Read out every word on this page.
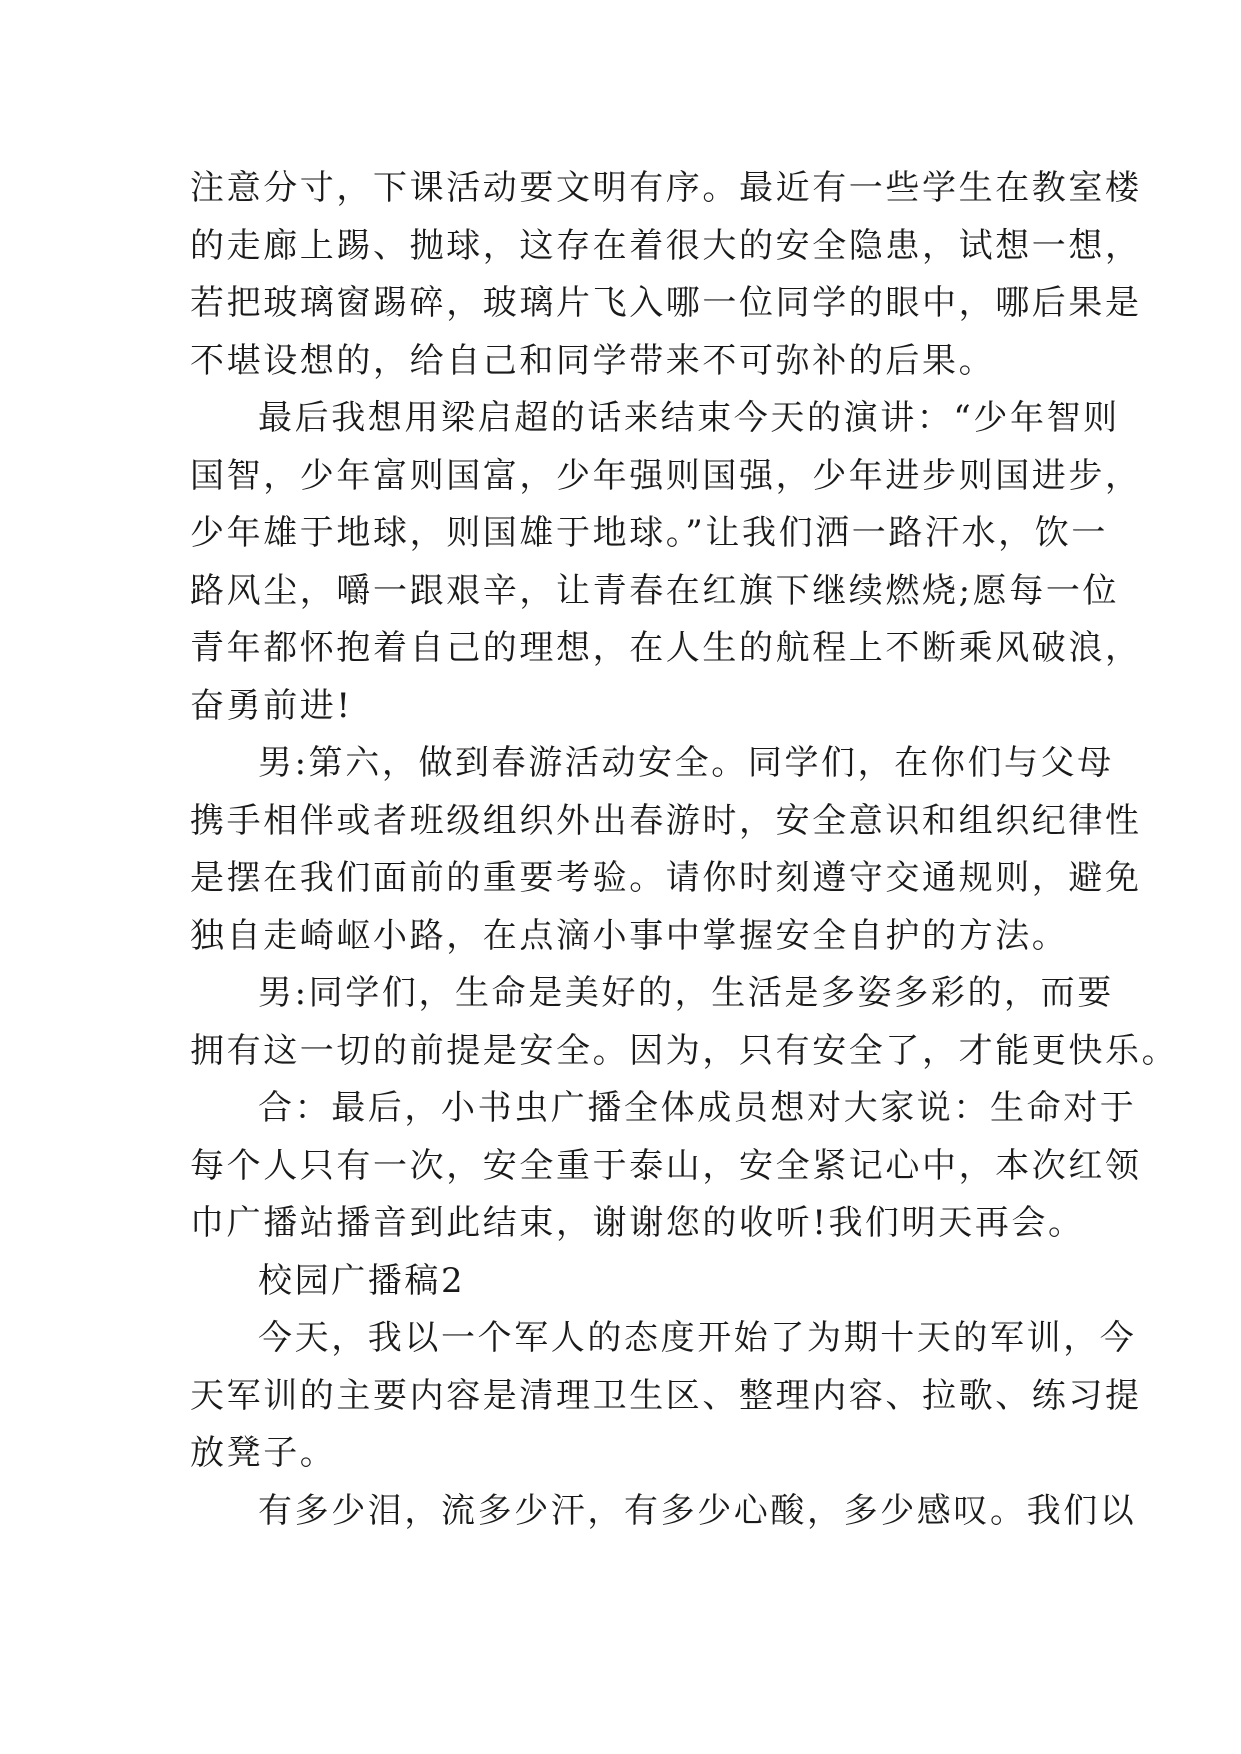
注意分寸，下课活动要文明有序。最近有一些学生在教室楼
的走廊上踢、抛球，这存在着很大的安全隐患，试想一想，
若把玻璃窗踢碎，玻璃片飞入哪一位同学的眼中，哪后果是
不堪设想的，给自己和同学带来不可弥补的后果。
最后我想用梁启超的话来结束今天的演讲：“少年智则
国智，少年富则国富，少年强则国强，少年进步则国进步，
少年雄于地球，则国雄于地球。”让我们洒一路汗水，饮一
路风尘，嚼一跟艰辛，让青春在红旗下继续燃烧;愿每一位
青年都怀抱着自己的理想，在人生的航程上不断乘风破浪，
奋勇前进!
男:第六，做到春游活动安全。同学们，在你们与父母
携手相伴或者班级组织外出春游时，安全意识和组织纪律性
是摆在我们面前的重要考验。请你时刻遵守交通规则，避免
独自走崎岖小路，在点滴小事中掌握安全自护的方法。
男:同学们，生命是美好的，生活是多姿多彩的，而要
拥有这一切的前提是安全。因为，只有安全了，才能更快乐。
合：最后，小书虫广播全体成员想对大家说：生命对于
每个人只有一次，安全重于泰山，安全紧记心中，本次红领
巾广播站播音到此结束，谢谢您的收听!我们明天再会。
校园广播稿2
今天，我以一个军人的态度开始了为期十天的军训，今
天军训的主要内容是清理卫生区、整理内容、拉歌、练习提
放凳子。
有多少泪，流多少汗，有多少心酸，多少感叹。我们以
